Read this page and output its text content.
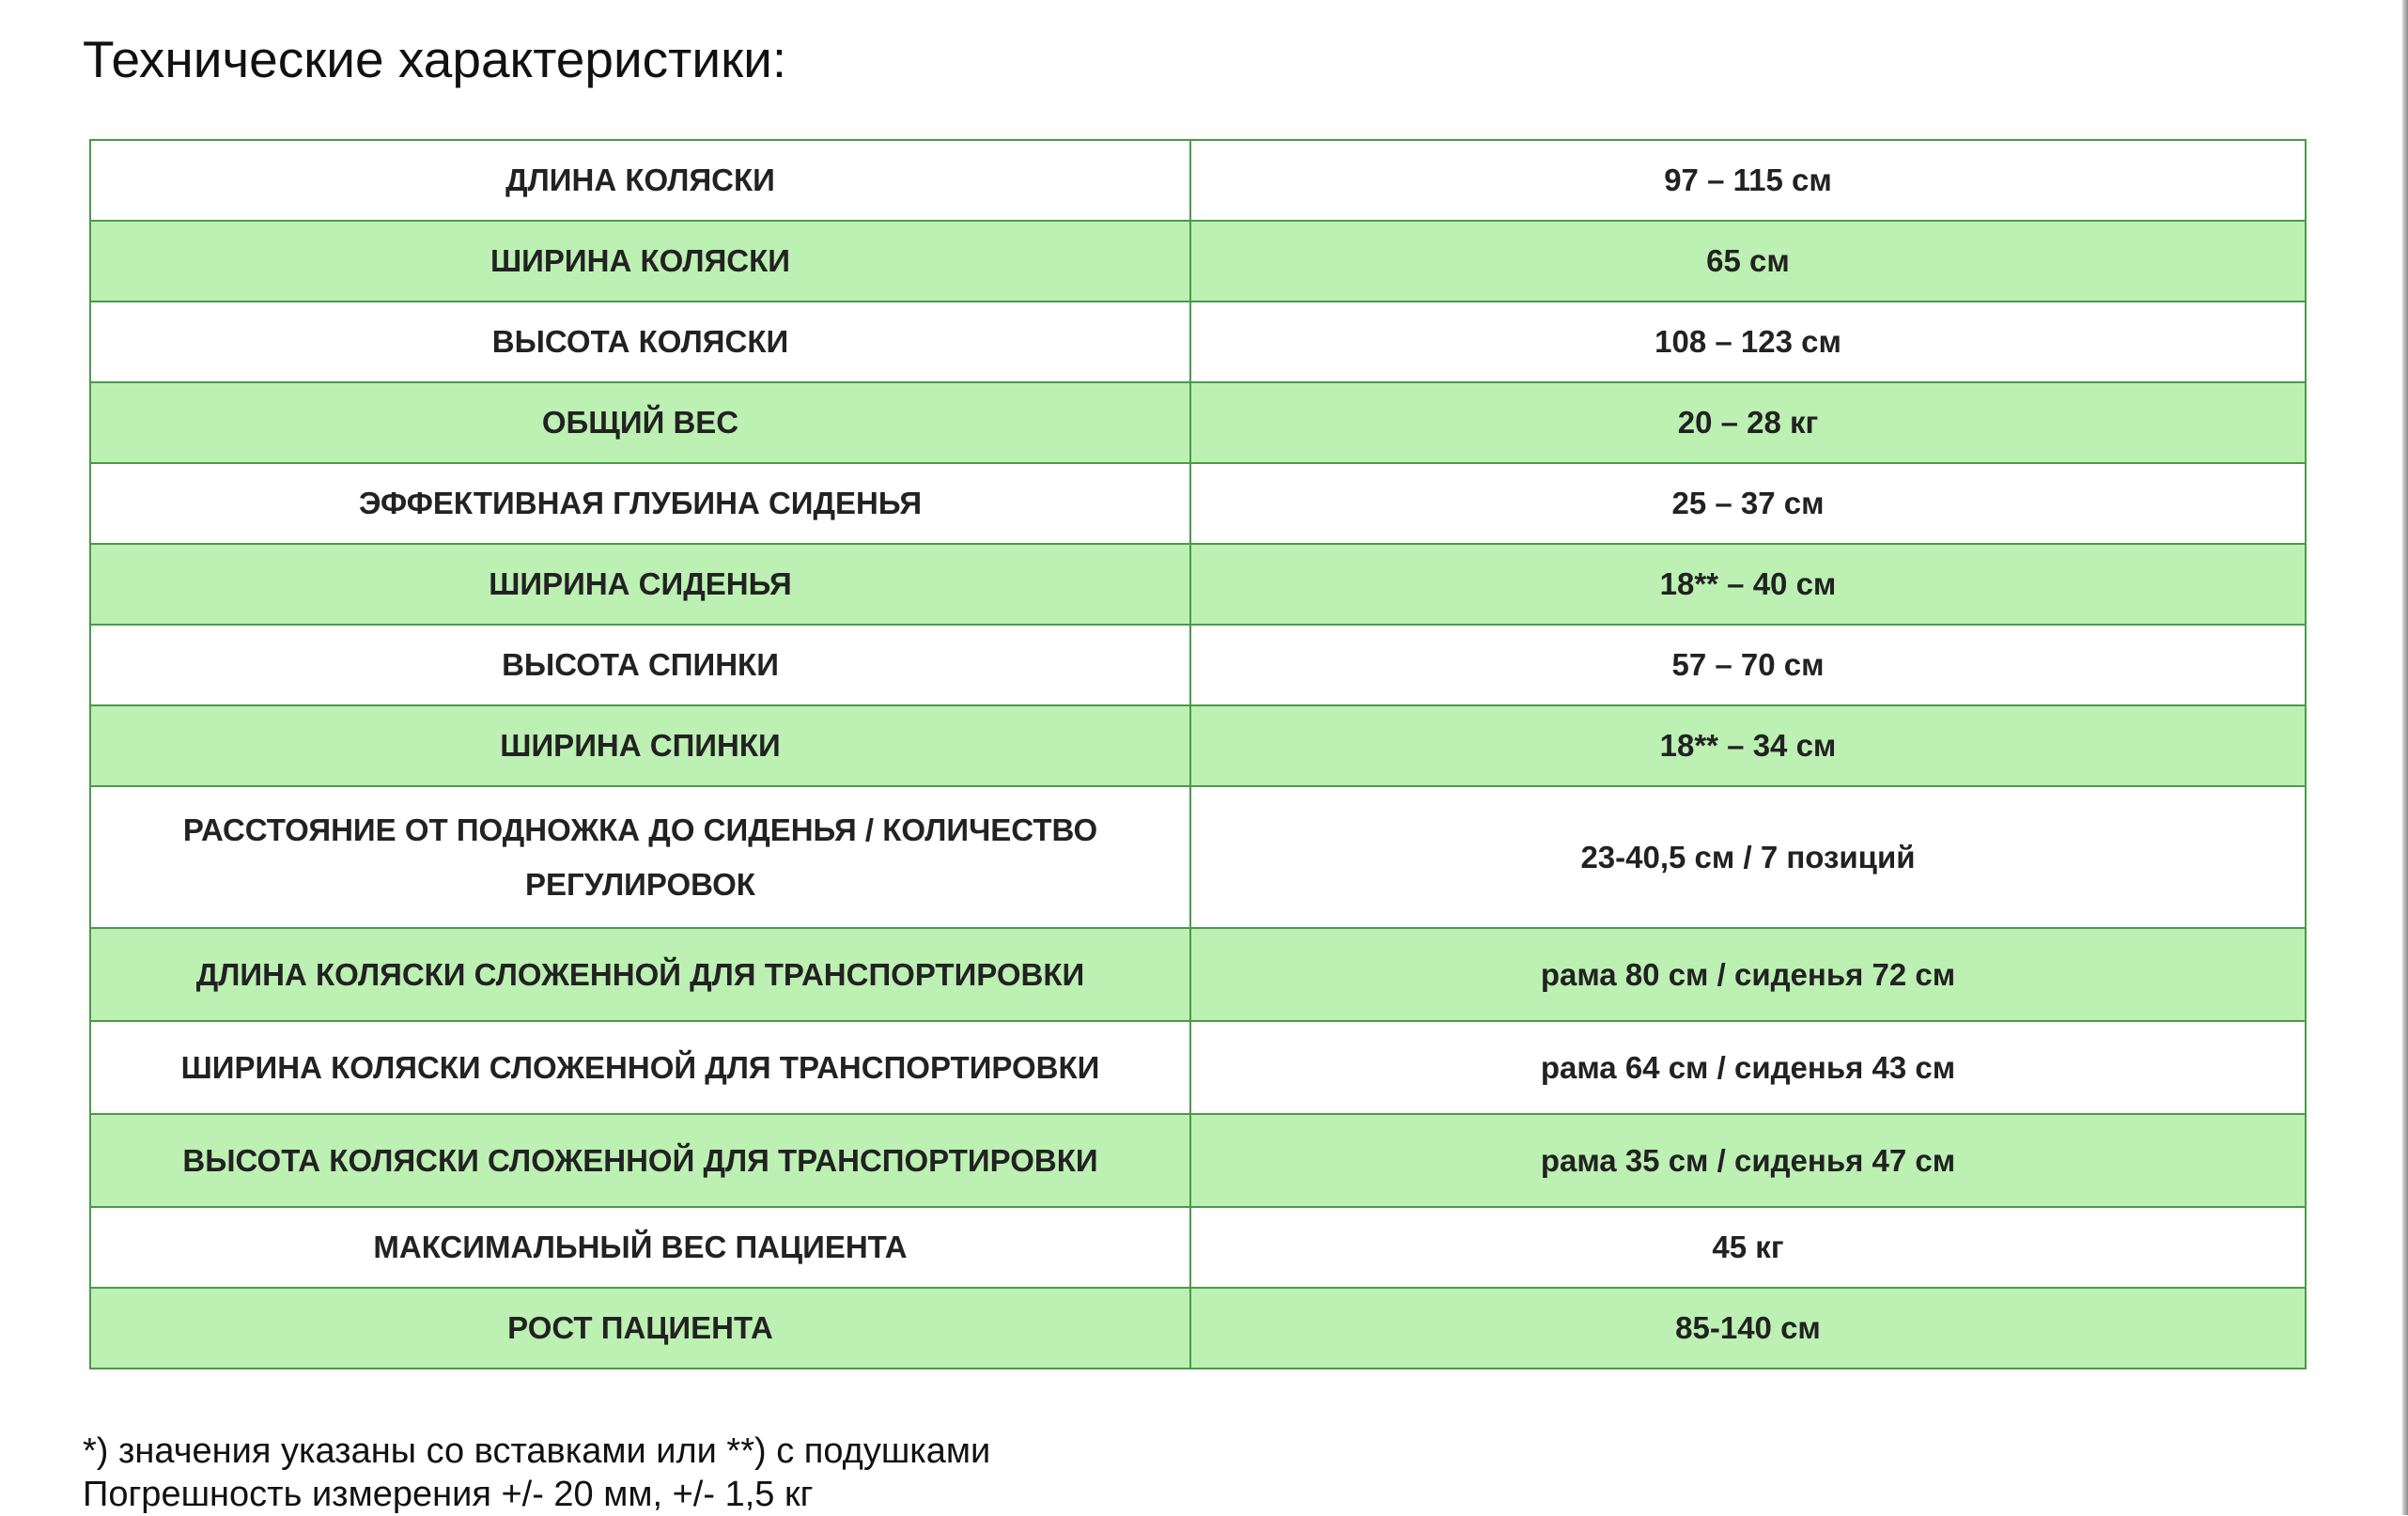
Технические характеристики:
ДЛИНА КОЛЯСКИ	97 – 115 см
ШИРИНА КОЛЯСКИ	65 см
ВЫСОТА КОЛЯСКИ	108 – 123 см
ОБЩИЙ ВЕС	20 – 28 кг
ЭФФЕКТИВНАЯ ГЛУБИНА СИДЕНЬЯ	25 – 37 см
ШИРИНА СИДЕНЬЯ	18** – 40 см
ВЫСОТА СПИНКИ	57 – 70 см
ШИРИНА СПИНКИ	18** – 34 см
РАССТОЯНИЕ ОТ ПОДНОЖКА ДО СИДЕНЬЯ / КОЛИЧЕСТВО РЕГУЛИРОВОК	23-40,5 см / 7 позиций
ДЛИНА КОЛЯСКИ СЛОЖЕННОЙ ДЛЯ ТРАНСПОРТИРОВКИ	рама 80 см / сиденья 72 см
ШИРИНА КОЛЯСКИ СЛОЖЕННОЙ ДЛЯ ТРАНСПОРТИРОВКИ	рама 64 см / сиденья 43 см
ВЫСОТА КОЛЯСКИ СЛОЖЕННОЙ ДЛЯ ТРАНСПОРТИРОВКИ	рама 35 см / сиденья 47 см
МАКСИМАЛЬНЫЙ ВЕС ПАЦИЕНТА	45 кг
РОСТ ПАЦИЕНТА	85-140 см

*) значения указаны со вставками или **) с подушками

Погрешность измерения +/- 20 мм, +/- 1,5 кг
